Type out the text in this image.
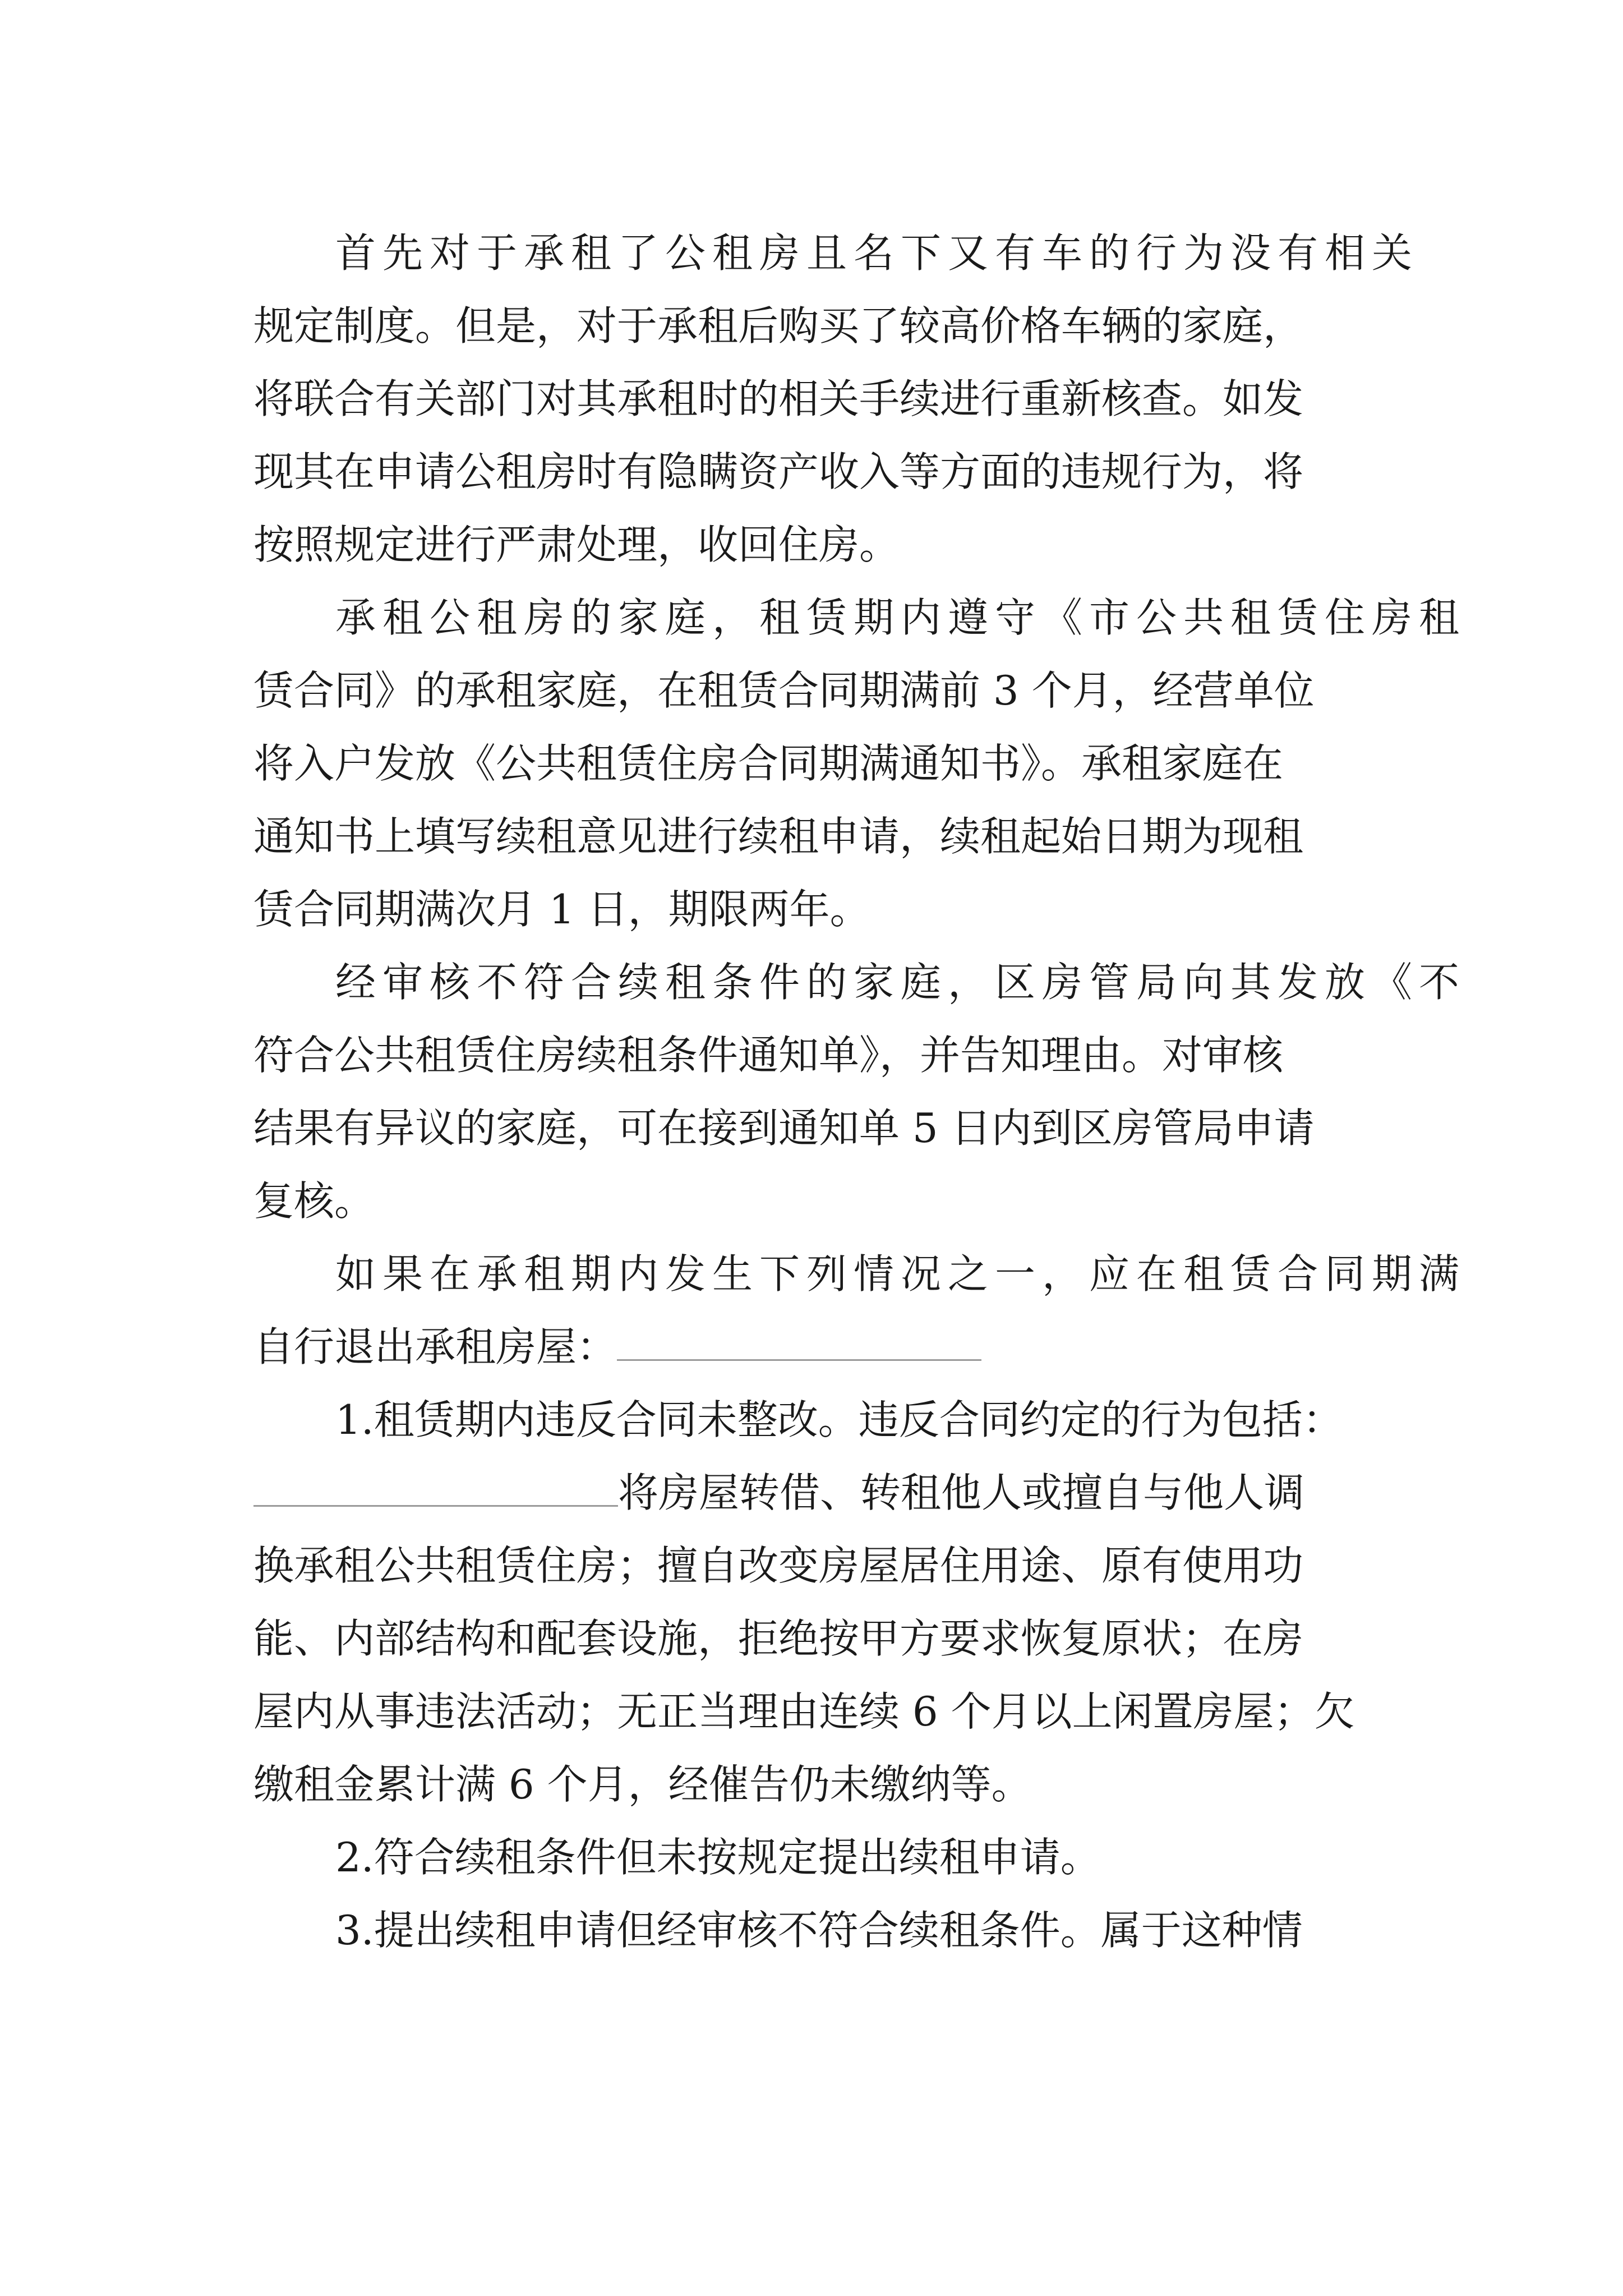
首先对于承租了公租房且名下又有车的行为没有相关
规定制度。但是，对于承租后购买了较高价格车辆的家庭，
将联合有关部门对其承租时的相关手续进行重新核查。如发
现其在申请公租房时有隐瞒资产收入等方面的违规行为，将
按照规定进行严肃处理，收回住房。
承租公租房的家庭，租赁期内遵守《市公共租赁住房租
赁合同》的承租家庭，在租赁合同期满前 3 个月，经营单位
将入户发放《公共租赁住房合同期满通知书》。承租家庭在
通知书上填写续租意见进行续租申请，续租起始日期为现租
赁合同期满次月 1 日，期限两年。
经审核不符合续租条件的家庭，区房管局向其发放《不
符合公共租赁住房续租条件通知单》，并告知理由。对审核
结果有异议的家庭，可在接到通知单 5 日内到区房管局申请
复核。
如果在承租期内发生下列情况之一，应在租赁合同期满
自行退出承租房屋：
1.租赁期内违反合同未整改。违反合同约定的行为包括：
将房屋转借、转租他人或擅自与他人调
换承租公共租赁住房；擅自改变房屋居住用途、原有使用功
能、内部结构和配套设施，拒绝按甲方要求恢复原状；在房
屋内从事违法活动；无正当理由连续 6 个月以上闲置房屋；欠
缴租金累计满 6 个月，经催告仍未缴纳等。
2.符合续租条件但未按规定提出续租申请。
3.提出续租申请但经审核不符合续租条件。属于这种情
